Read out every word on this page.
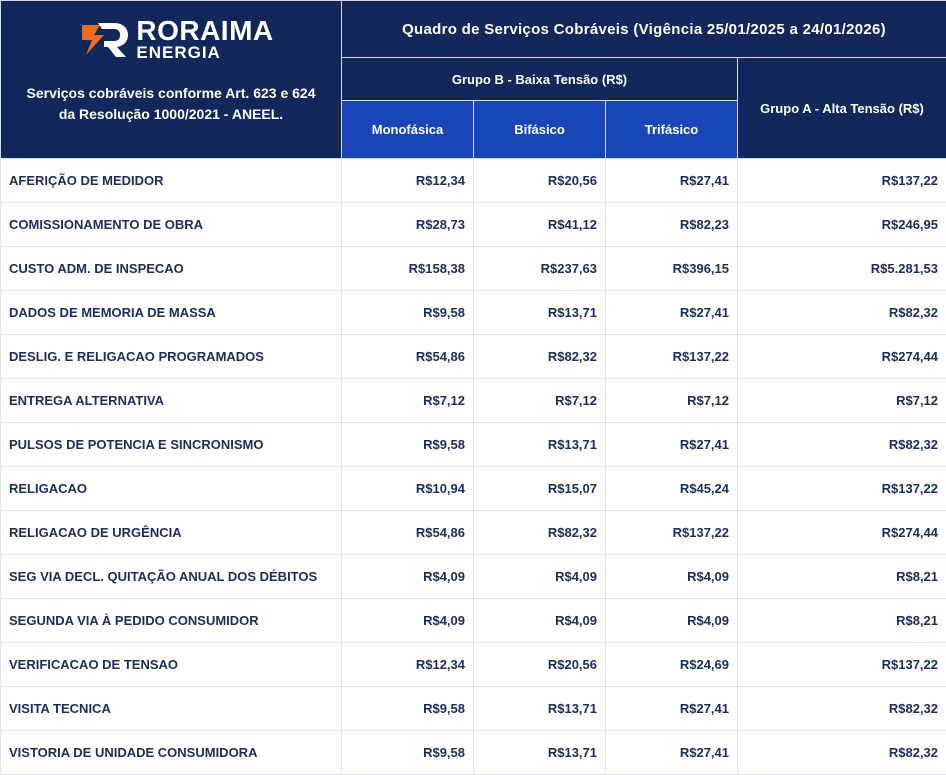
RORAIMA
ENERGIA
Serviços cobráveis conforme Art. 623 e 624 da Resolução 1000/2021 - ANEEL.	Quadro de Serviços Cobráveis (Vigência 25/01/2025 a 24/01/2026)			
	Grupo B - Baixa Tensão (R$)			Grupo A - Alta Tensão (R$)
	Monofásica	Bifásico	Trifásico	
AFERIÇÃO DE MEDIDOR	R$12,34	R$20,56	R$27,41	R$137,22
COMISSIONAMENTO DE OBRA	R$28,73	R$41,12	R$82,23	R$246,95
CUSTO ADM. DE INSPECAO	R$158,38	R$237,63	R$396,15	R$5.281,53
DADOS DE MEMORIA DE MASSA	R$9,58	R$13,71	R$27,41	R$82,32
DESLIG. E RELIGACAO PROGRAMADOS	R$54,86	R$82,32	R$137,22	R$274,44
ENTREGA ALTERNATIVA	R$7,12	R$7,12	R$7,12	R$7,12
PULSOS DE POTENCIA E SINCRONISMO	R$9,58	R$13,71	R$27,41	R$82,32
RELIGACAO	R$10,94	R$15,07	R$45,24	R$137,22
RELIGACAO DE URGÊNCIA	R$54,86	R$82,32	R$137,22	R$274,44
SEG VIA DECL. QUITAÇÃO ANUAL DOS DÉBITOS	R$4,09	R$4,09	R$4,09	R$8,21
SEGUNDA VIA À PEDIDO CONSUMIDOR	R$4,09	R$4,09	R$4,09	R$8,21
VERIFICACAO DE TENSAO	R$12,34	R$20,56	R$24,69	R$137,22
VISITA TECNICA	R$9,58	R$13,71	R$27,41	R$82,32
VISTORIA DE UNIDADE CONSUMIDORA	R$9,58	R$13,71	R$27,41	R$82,32
